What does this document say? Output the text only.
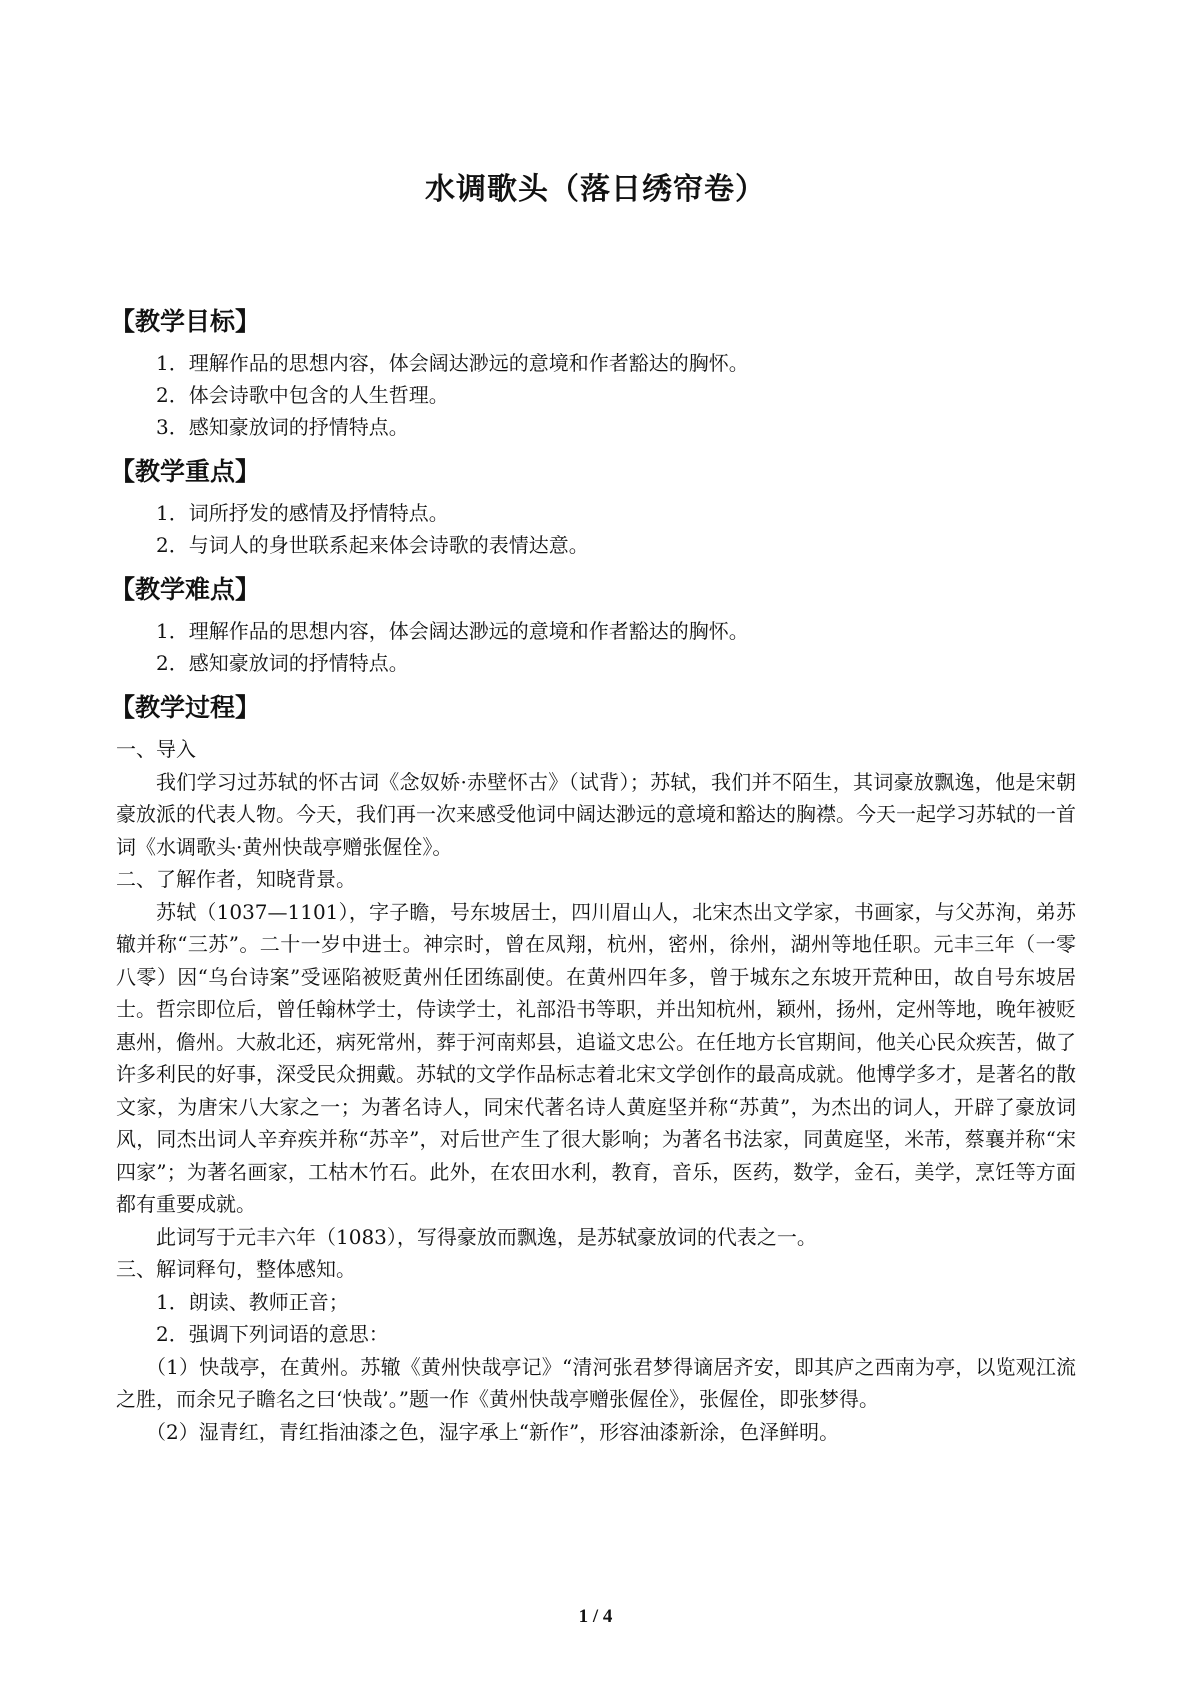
水调歌头（落日绣帘卷）
【教学目标】
1．理解作品的思想内容，体会阔达渺远的意境和作者豁达的胸怀。
2．体会诗歌中包含的人生哲理。
3．感知豪放词的抒情特点。
【教学重点】
1．词所抒发的感情及抒情特点。
2．与词人的身世联系起来体会诗歌的表情达意。
【教学难点】
1．理解作品的思想内容，体会阔达渺远的意境和作者豁达的胸怀。
2．感知豪放词的抒情特点。
【教学过程】
一、导入
我们学习过苏轼的怀古词《念奴娇·赤壁怀古》（试背）；苏轼，我们并不陌生，其词豪放飘逸，他是宋朝豪放派的代表人物。今天，我们再一次来感受他词中阔达渺远的意境和豁达的胸襟。今天一起学习苏轼的一首词《水调歌头·黄州快哉亭赠张偓佺》。
二、了解作者，知晓背景。
苏轼（1037—1101），字子瞻，号东坡居士，四川眉山人，北宋杰出文学家，书画家，与父苏洵，弟苏辙并称“三苏”。二十一岁中进士。神宗时，曾在凤翔，杭州，密州，徐州，湖州等地任职。元丰三年（一零八零）因“乌台诗案”受诬陷被贬黄州任团练副使。在黄州四年多，曾于城东之东坡开荒种田，故自号东坡居士。哲宗即位后，曾任翰林学士，侍读学士，礼部沿书等职，并出知杭州，颖州，扬州，定州等地，晚年被贬惠州，儋州。大赦北还，病死常州，葬于河南郏县，追谥文忠公。在任地方长官期间，他关心民众疾苦，做了许多利民的好事，深受民众拥戴。苏轼的文学作品标志着北宋文学创作的最高成就。他博学多才，是著名的散文家，为唐宋八大家之一；为著名诗人，同宋代著名诗人黄庭坚并称“苏黄”，为杰出的词人，开辟了豪放词风，同杰出词人辛弃疾并称“苏辛”，对后世产生了很大影响；为著名书法家，同黄庭坚，米芾，蔡襄并称“宋四家”；为著名画家，工枯木竹石。此外，在农田水利，教育，音乐，医药，数学，金石，美学，烹饪等方面都有重要成就。
此词写于元丰六年（1083），写得豪放而飘逸，是苏轼豪放词的代表之一。
三、解词释句，整体感知。
1．朗读、教师正音；
2．强调下列词语的意思：
（1）快哉亭，在黄州。苏辙《黄州快哉亭记》“清河张君梦得谪居齐安，即其庐之西南为亭，以览观江流之胜，而余兄子瞻名之曰‘快哉’。”题一作《黄州快哉亭赠张偓佺》，张偓佺，即张梦得。
（2）湿青红，青红指油漆之色，湿字承上“新作”，形容油漆新涂，色泽鲜明。
1 / 4
